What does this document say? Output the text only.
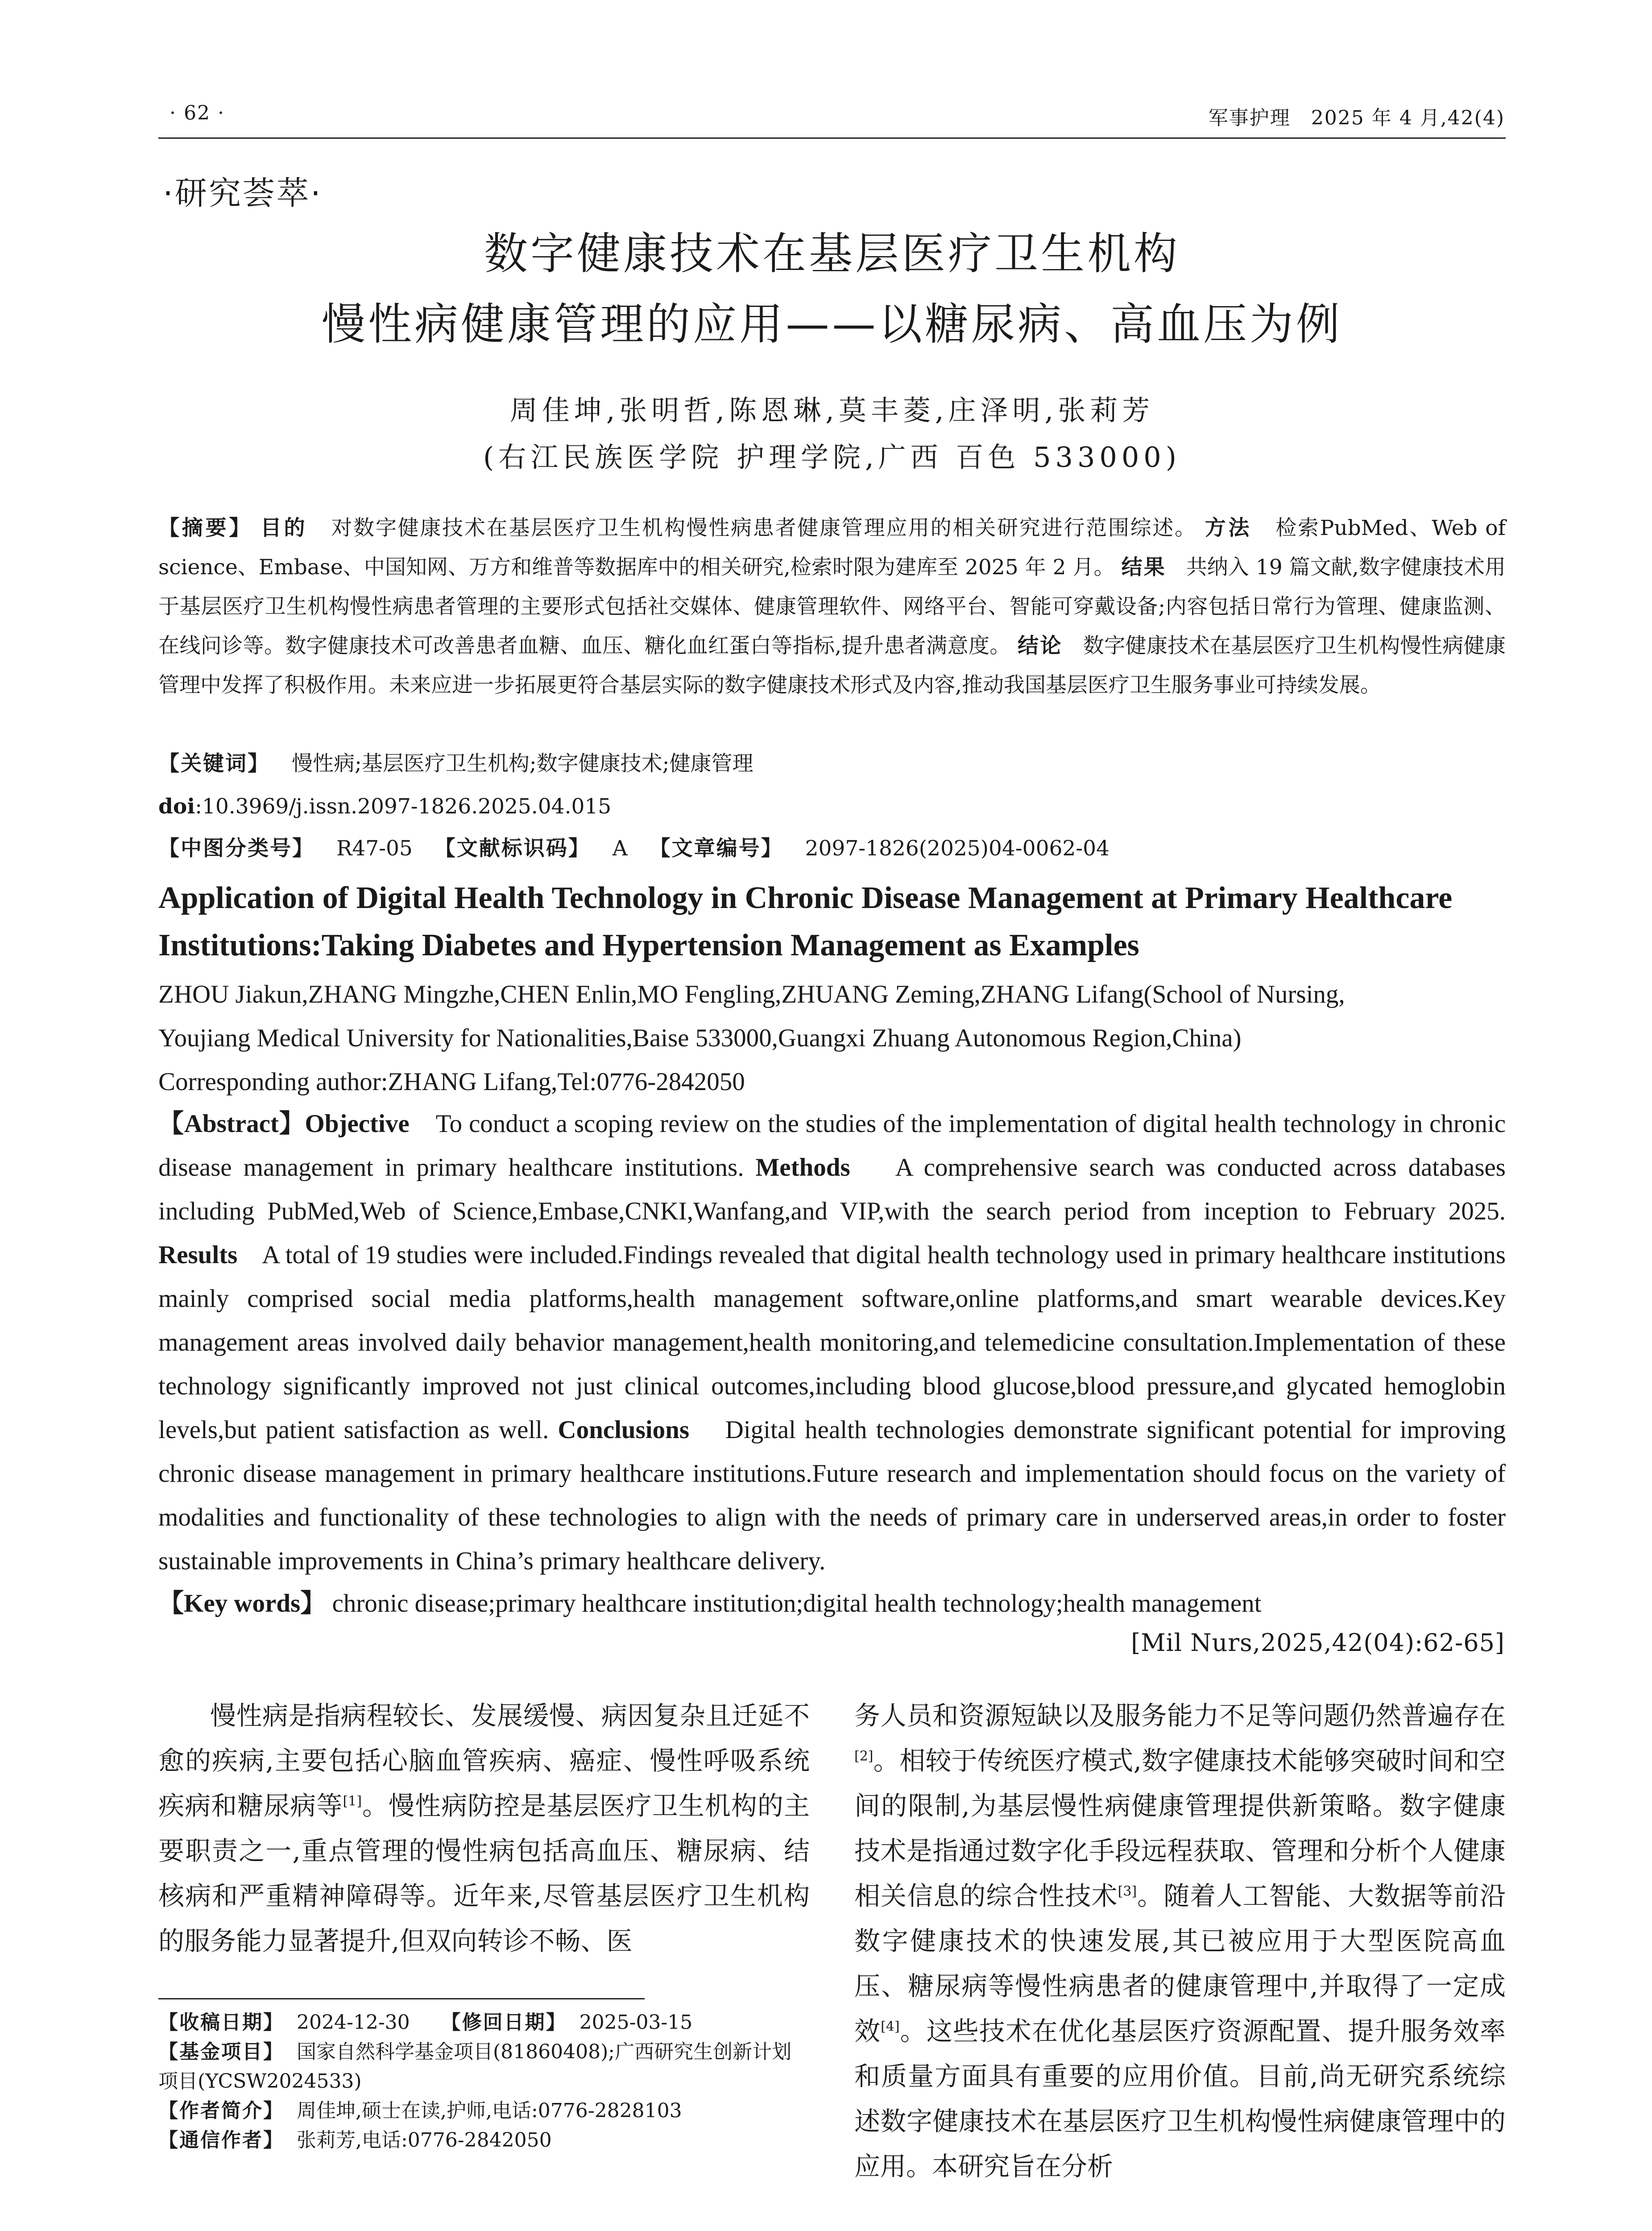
· 62 ·	军事护理　2025 年 4 月,42(4)
·研究荟萃·
数字健康技术在基层医疗卫生机构
慢性病健康管理的应用——以糖尿病、高血压为例
周佳坤,张明哲,陈恩琳,莫丰菱,庄泽明,张莉芳
(右江民族医学院 护理学院,广西 百色 533000)
【摘要】 目的 对数字健康技术在基层医疗卫生机构慢性病患者健康管理应用的相关研究进行范围综述。 方法 检索PubMed、Web of science、Embase、中国知网、万方和维普等数据库中的相关研究,检索时限为建库至 2025 年 2 月。 结果 共纳入 19 篇文献,数字健康技术用于基层医疗卫生机构慢性病患者管理的主要形式包括社交媒体、健康管理软件、网络平台、智能可穿戴设备;内容包括日常行为管理、健康监测、在线问诊等。数字健康技术可改善患者血糖、血压、糖化血红蛋白等指标,提升患者满意度。 结论 数字健康技术在基层医疗卫生机构慢性病健康管理中发挥了积极作用。未来应进一步拓展更符合基层实际的数字健康技术形式及内容,推动我国基层医疗卫生服务事业可持续发展。
【关键词】 慢性病;基层医疗卫生机构;数字健康技术;健康管理
doi:10.3969/j.issn.2097-1826.2025.04.015
【中图分类号】 R47-05 【文献标识码】 A 【文章编号】 2097-1826(2025)04-0062-04
Application of Digital Health Technology in Chronic Disease Management at Primary Healthcare
Institutions:Taking Diabetes and Hypertension Management as Examples
ZHOU Jiakun,ZHANG Mingzhe,CHEN Enlin,MO Fengling,ZHUANG Zeming,ZHANG Lifang(School of Nursing,
Youjiang Medical University for Nationalities,Baise 533000,Guangxi Zhuang Autonomous Region,China)
Corresponding author:ZHANG Lifang,Tel:0776-2842050
【Abstract】Objective To conduct a scoping review on the studies of the implementation of digital health technology in chronic disease management in primary healthcare institutions. Methods A comprehensive search was conducted across databases including PubMed,Web of Science,Embase,CNKI,Wanfang,and VIP,with the search period from inception to February 2025. Results A total of 19 studies were included.Findings revealed that digital health technology used in primary healthcare institutions mainly comprised social media platforms,health management software,online platforms,and smart wearable devices.Key management areas involved daily behavior management,health monitoring,and telemedicine consultation.Implementation of these technology significantly improved not just clinical outcomes,including blood glucose,blood pressure,and glycated hemoglobin levels,but patient satisfaction as well. Conclusions Digital health technologies demonstrate significant potential for improving chronic disease management in primary healthcare institutions.Future research and implementation should focus on the variety of modalities and functionality of these technologies to align with the needs of primary care in underserved areas,in order to foster sustainable improvements in China’s primary healthcare delivery.
【Key words】 chronic disease;primary healthcare institution;digital health technology;health management
[Mil Nurs,2025,42(04):62-65]

慢性病是指病程较长、发展缓慢、病因复杂且迁延不愈的疾病,主要包括心脑血管疾病、癌症、慢性呼吸系统疾病和糖尿病等[1]。慢性病防控是基层医疗卫生机构的主要职责之一,重点管理的慢性病包括高血压、糖尿病、结核病和严重精神障碍等。近年来,尽管基层医疗卫生机构的服务能力显著提升,但双向转诊不畅、医

务人员和资源短缺以及服务能力不足等问题仍然普遍存在[2]。相较于传统医疗模式,数字健康技术能够突破时间和空间的限制,为基层慢性病健康管理提供新策略。数字健康技术是指通过数字化手段远程获取、管理和分析个人健康相关信息的综合性技术[3]。随着人工智能、大数据等前沿数字健康技术的快速发展,其已被应用于大型医院高血压、糖尿病等慢性病患者的健康管理中,并取得了一定成效[4]。这些技术在优化基层医疗资源配置、提升服务效率和质量方面具有重要的应用价值。目前,尚无研究系统综述数字健康技术在基层医疗卫生机构慢性病健康管理中的应用。本研究旨在分析

【收稿日期】 2024-12-30 【修回日期】 2025-03-15
【基金项目】 国家自然科学基金项目(81860408);广西研究生创新计划项目(YCSW2024533)
【作者简介】 周佳坤,硕士在读,护师,电话:0776-2828103
【通信作者】 张莉芳,电话:0776-2842050
